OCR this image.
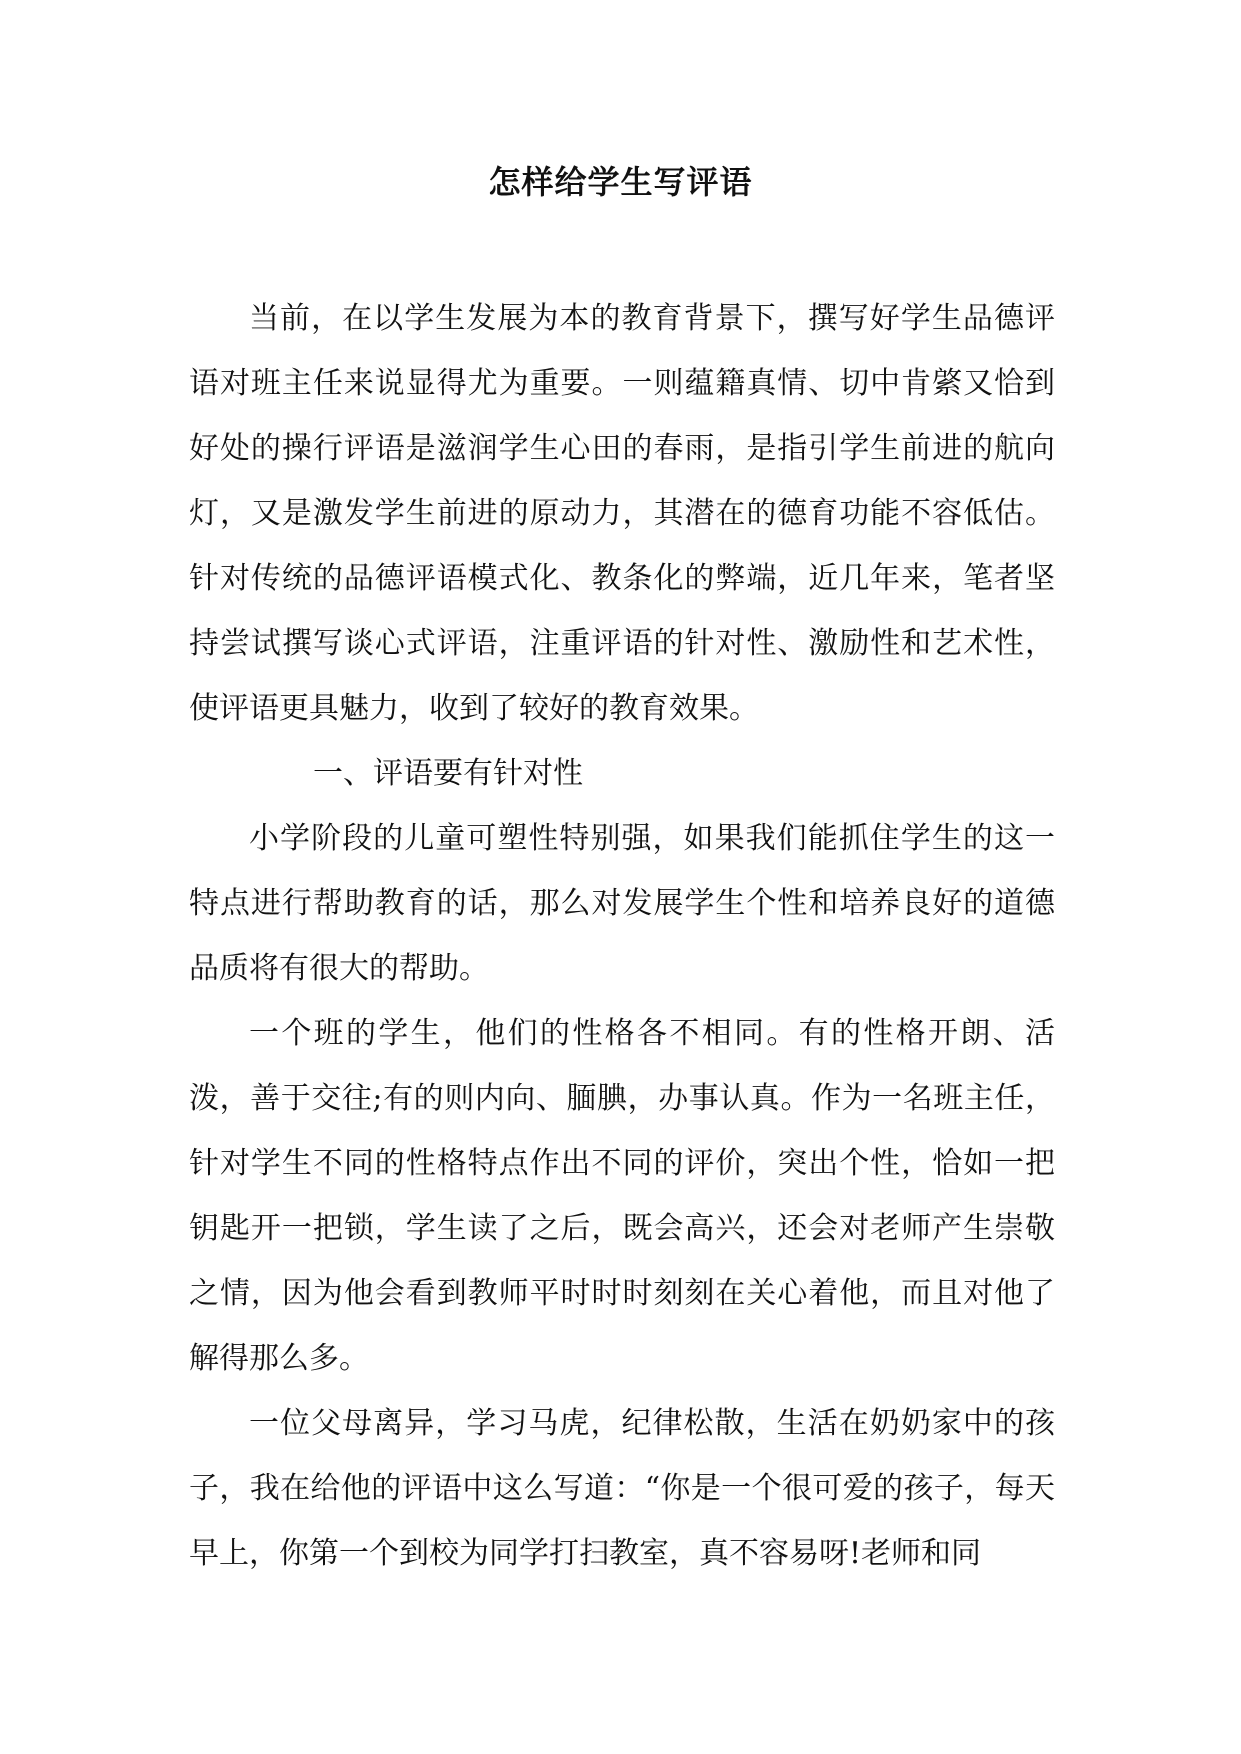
怎样给学生写评语

当前，在以学生发展为本的教育背景下，撰写好学生品德评语对班主任来说显得尤为重要。一则蕴籍真情、切中肯綮又恰到好处的操行评语是滋润学生心田的春雨，是指引学生前进的航向灯，又是激发学生前进的原动力，其潜在的德育功能不容低估。针对传统的品德评语模式化、教条化的弊端，近几年来，笔者坚持尝试撰写谈心式评语，注重评语的针对性、激励性和艺术性，使评语更具魅力，收到了较好的教育效果。

一、评语要有针对性

小学阶段的儿童可塑性特别强，如果我们能抓住学生的这一特点进行帮助教育的话，那么对发展学生个性和培养良好的道德品质将有很大的帮助。

一个班的学生，他们的性格各不相同。有的性格开朗、活泼，善于交往;有的则内向、腼腆，办事认真。作为一名班主任，针对学生不同的性格特点作出不同的评价，突出个性，恰如一把钥匙开一把锁，学生读了之后，既会高兴，还会对老师产生崇敬之情，因为他会看到教师平时时时刻刻在关心着他，而且对他了解得那么多。

一位父母离异，学习马虎，纪律松散，生活在奶奶家中的孩子，我在给他的评语中这么写道：“你是一个很可爱的孩子，每天早上，你第一个到校为同学打扫教室，真不容易呀!老师和同
